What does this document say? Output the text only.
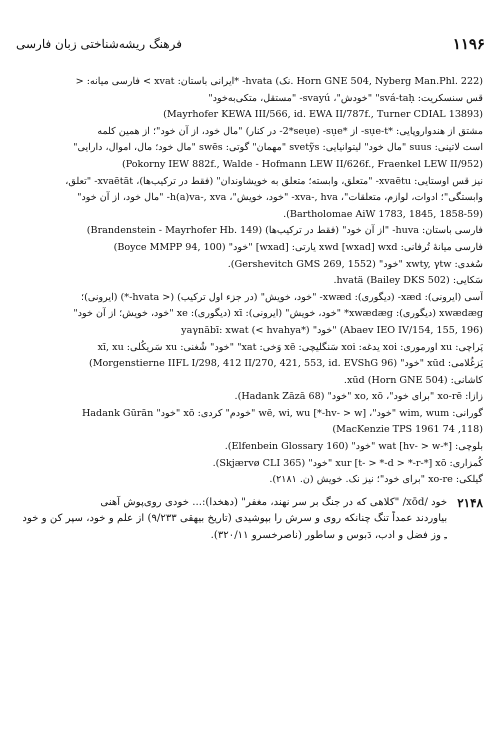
فرهنگ ریشه‌شناختی زبان فارسی	۱۱۹۶
(Horn GNE 504, Nyberg Man.Phl. 222 .نک) hvata- *ایرانی باستان: xvat > فارسی میانه: <
قس سنسکریت: svá-taḥ" "خودش"، svayú- "مستقل، متکی‌به‌خود"
(Mayrhofer KEWA III/566, id. EWA II/787f., Turner CDIAL 13893)
مشتق از هندواروپایی: *sụe-t- از *sụe- (2*seụe- در کنار) "مال خود، از آن خود"؛ از همین کلمه
است لاتینی: suus "مال خود" لیتوانیایی: svetỹs "مهمان" گوتی: swēs "مال خود؛ مال، اموال، دارایی"
(Pokorny IEW 882f., Walde - Hofmann LEW II/626f., Fraenkel LEW II/952)
نیز قس اوستایی: xvaētu- "متعلق، وابسته؛ متعلق به خویشاوندان" (فقط در ترکیب‌ها)، xvaētāt- "تعلق،
وابستگی"؛ ادوات، لوازم، متعلقات"، xva-, hva- "خود، خویش"، h(a)va-, xva- "مال خود، از آن خود"
(Bartholomae AiW 1783, 1845, 1858-59).
فارسی باستان: huva- "از آن خود" (فقط در ترکیب‌ها) (Brandenstein - Mayrhofer Hb. 149)
فارسی میانهٔ تُرفانی: xwd [wxad] wxd یارتی: [wxad] "خود" (Boyce MMPP 94, 100)
سُغدی: xwty, γtw "خود" (Gershevitch GMS 269, 1552).
سَکایی: hvatä (Bailey DKS 502).
آسی (ایرونی): xæd- (دیگوری): xwæd- "خود، خویش" (در جزء اول ترکیب) (< hvata-*) (ایرونی)؛
xwædæg (دیگوری): xwædæg* "خود، خویش" (ایرونی): xī (دیگوری): xe "خود، خویش؛ از آن خود"
(Abaev IEO IV/154, 155, 196) "خود" yaγnābī: xwat (< hvahya*)
پَراچی: xu اورموری: xoi یدغه: xoi سَنگلیچی: xē وَخی: xat" "خود" شُغنی: xu سَریکُلی: xī, xu
یَزغُلامی: xūd "خود" (Morgenstierne IIFL I/298, 412 II/270, 421, 553, id. EVShG 96)
کاشانی: xūd (Horn GNE 504).
زازا: xo-rē "برای خود"، xo, xō "خود" (Hadank Zāzā 68).
گورانی: wim, wum "خود"، [hv- > w-*] wē, wi, wu "خودم" کردی: xō "خود" Hadank Gūrān
(118, MacKenzie TPS 1961 74)
بلوچی: wat [hv- > w-*] "خود" (Elfenbein Glossary 160).
کُمزاری: xur [t- > *-d > *-r-*] xō "خود" (Skjærvø CLI 365).
گیلکی: xo-re "برای خود"؛ نیز نک. خویش (ن. ۲۱۸۱).
۲۱۴۸
خود /xōd/ "کلاهی که در جنگ بر سر نهند، مغفر" (دهخدا):... خودی روی‌پوش آهنی
بیاوردند عمداً تنگ چنانکه روی و سرش را بپوشیدی (تاریخ بیهقی ۹/۲۳۳) از علم و خود، سپر کن و خود
ـِ وز فضل و ادب، دَبوس و ساطور (ناصرخسرو ۳۲۰/۱۱).
